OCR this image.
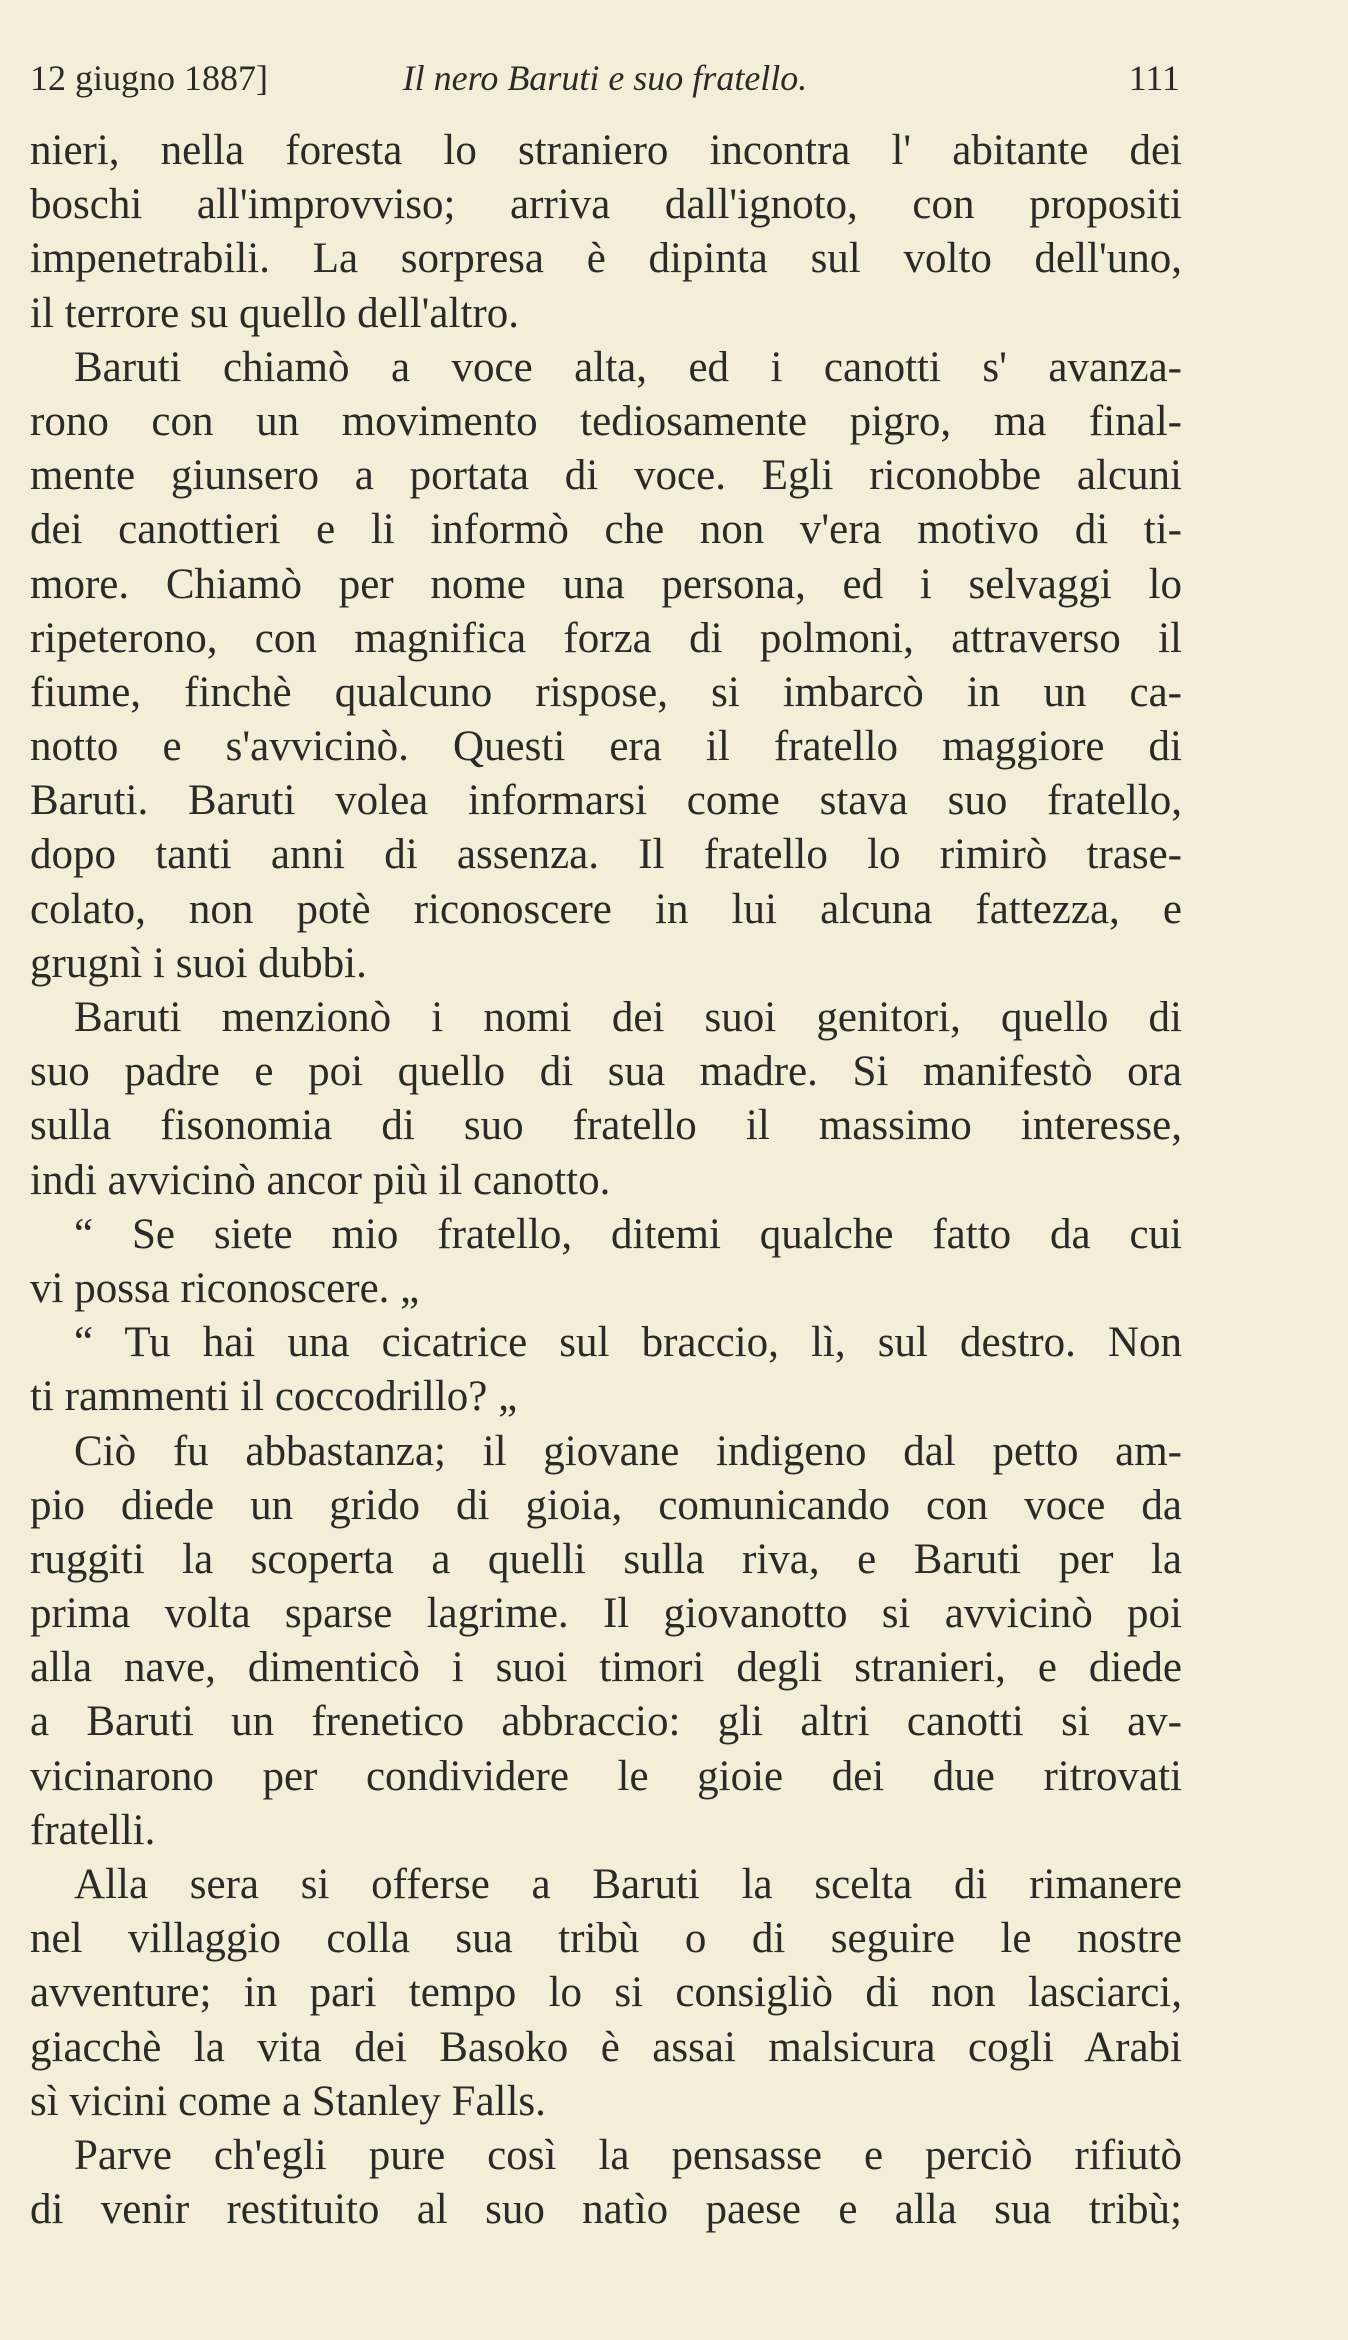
12 giugno 1887]	Il nero Baruti e suo fratello.	111
nieri, nella foresta lo straniero incontra l' abitante dei
boschi all'improvviso; arriva dall'ignoto, con propositi
impenetrabili. La sorpresa è dipinta sul volto dell'uno,
il terrore su quello dell'altro.
Baruti chiamò a voce alta, ed i canotti s' avanza-
rono con un movimento tediosamente pigro, ma final-
mente giunsero a portata di voce. Egli riconobbe alcuni
dei canottieri e li informò che non v'era motivo di ti-
more. Chiamò per nome una persona, ed i selvaggi lo
ripeterono, con magnifica forza di polmoni, attraverso il
fiume, finchè qualcuno rispose, si imbarcò in un ca-
notto e s'avvicinò. Questi era il fratello maggiore di
Baruti. Baruti volea informarsi come stava suo fratello,
dopo tanti anni di assenza. Il fratello lo rimirò trase-
colato, non potè riconoscere in lui alcuna fattezza, e
grugnì i suoi dubbi.
Baruti menzionò i nomi dei suoi genitori, quello di
suo padre e poi quello di sua madre. Si manifestò ora
sulla fisonomia di suo fratello il massimo interesse,
indi avvicinò ancor più il canotto.
“ Se siete mio fratello, ditemi qualche fatto da cui
vi possa riconoscere. „
“ Tu hai una cicatrice sul braccio, lì, sul destro. Non
ti rammenti il coccodrillo? „
Ciò fu abbastanza; il giovane indigeno dal petto am-
pio diede un grido di gioia, comunicando con voce da
ruggiti la scoperta a quelli sulla riva, e Baruti per la
prima volta sparse lagrime. Il giovanotto si avvicinò poi
alla nave, dimenticò i suoi timori degli stranieri, e diede
a Baruti un frenetico abbraccio: gli altri canotti si av-
vicinarono per condividere le gioie dei due ritrovati
fratelli.
Alla sera si offerse a Baruti la scelta di rimanere
nel villaggio colla sua tribù o di seguire le nostre
avventure; in pari tempo lo si consigliò di non lasciarci,
giacchè la vita dei Basoko è assai malsicura cogli Arabi
sì vicini come a Stanley Falls.
Parve ch'egli pure così la pensasse e perciò rifiutò
di venir restituito al suo natìo paese e alla sua tribù;
